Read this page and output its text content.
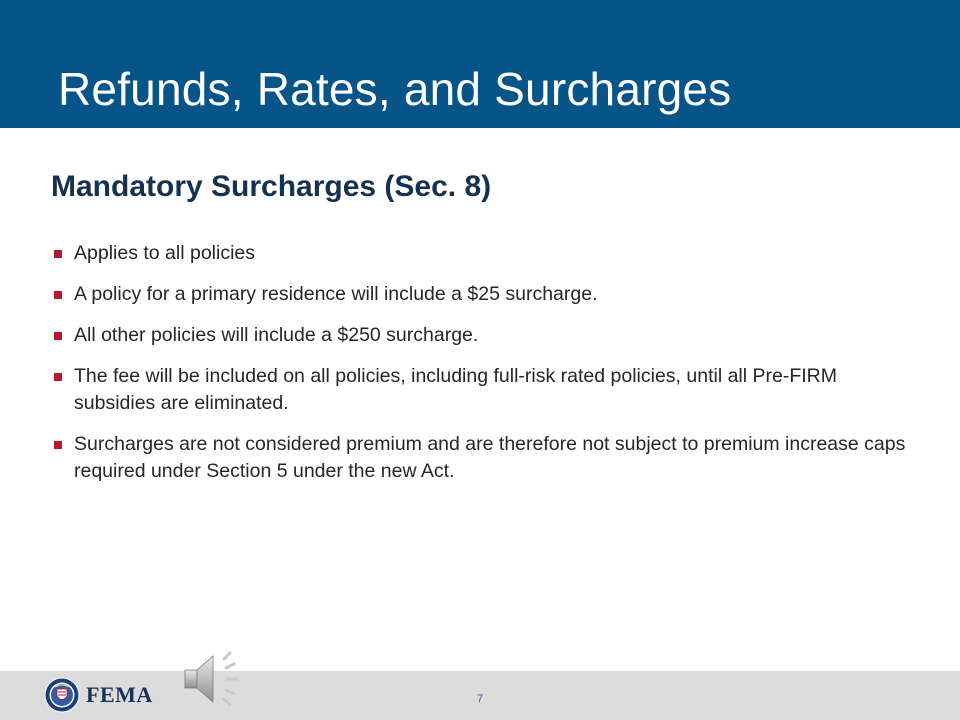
Refunds, Rates, and Surcharges
Mandatory Surcharges (Sec. 8)
Applies to all policies
A policy for a primary residence will include a $25 surcharge.
All other policies will include a $250 surcharge.
The fee will be included on all policies, including full-risk rated policies, until all Pre-FIRM subsidies are eliminated.
Surcharges are not considered premium and are therefore not subject to premium increase caps required under Section 5 under the new Act.
FEMA	7
